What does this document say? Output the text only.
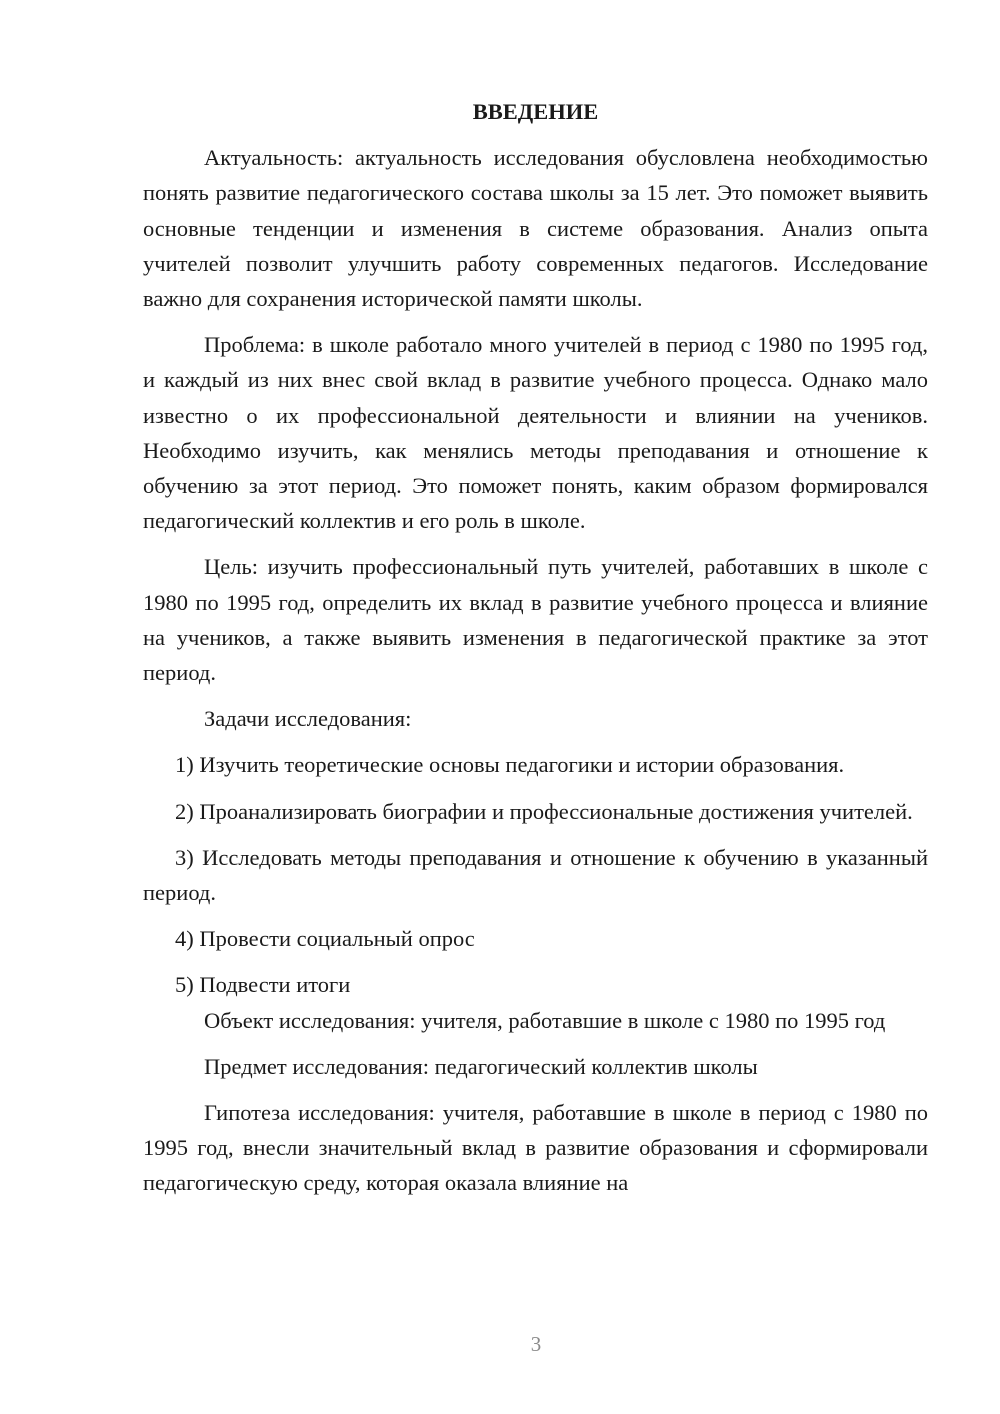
ВВЕДЕНИЕ

Актуальность: актуальность исследования обусловлена необходимостью понять развитие педагогического состава школы за 15 лет. Это поможет выявить основные тенденции и изменения в системе образования. Анализ опыта учителей позволит улучшить работу современных педагогов. Исследование важно для сохранения исторической памяти школы.

Проблема: в школе работало много учителей в период с 1980 по 1995 год, и каждый из них внес свой вклад в развитие учебного процесса. Однако мало известно о их профессиональной деятельности и влиянии на учеников. Необходимо изучить, как менялись методы преподавания и отношение к обучению за этот период. Это поможет понять, каким образом формировался педагогический коллектив и его роль в школе.

Цель: изучить профессиональный путь учителей, работавших в школе с 1980 по 1995 год, определить их вклад в развитие учебного процесса и влияние на учеников, а также выявить изменения в педагогической практике за этот период.

Задачи исследования:

1) Изучить теоретические основы педагогики и истории образования.

2) Проанализировать биографии и профессиональные достижения учителей.

3) Исследовать методы преподавания и отношение к обучению в указанный период.

4) Провести социальный опрос

5) Подвести итоги

Объект исследования: учителя, работавшие в школе с 1980 по 1995 год

Предмет исследования: педагогический коллектив школы

Гипотеза исследования: учителя, работавшие в школе в период с 1980 по 1995 год, внесли значительный вклад в развитие образования и сформировали педагогическую среду, которая оказала влияние на

3
